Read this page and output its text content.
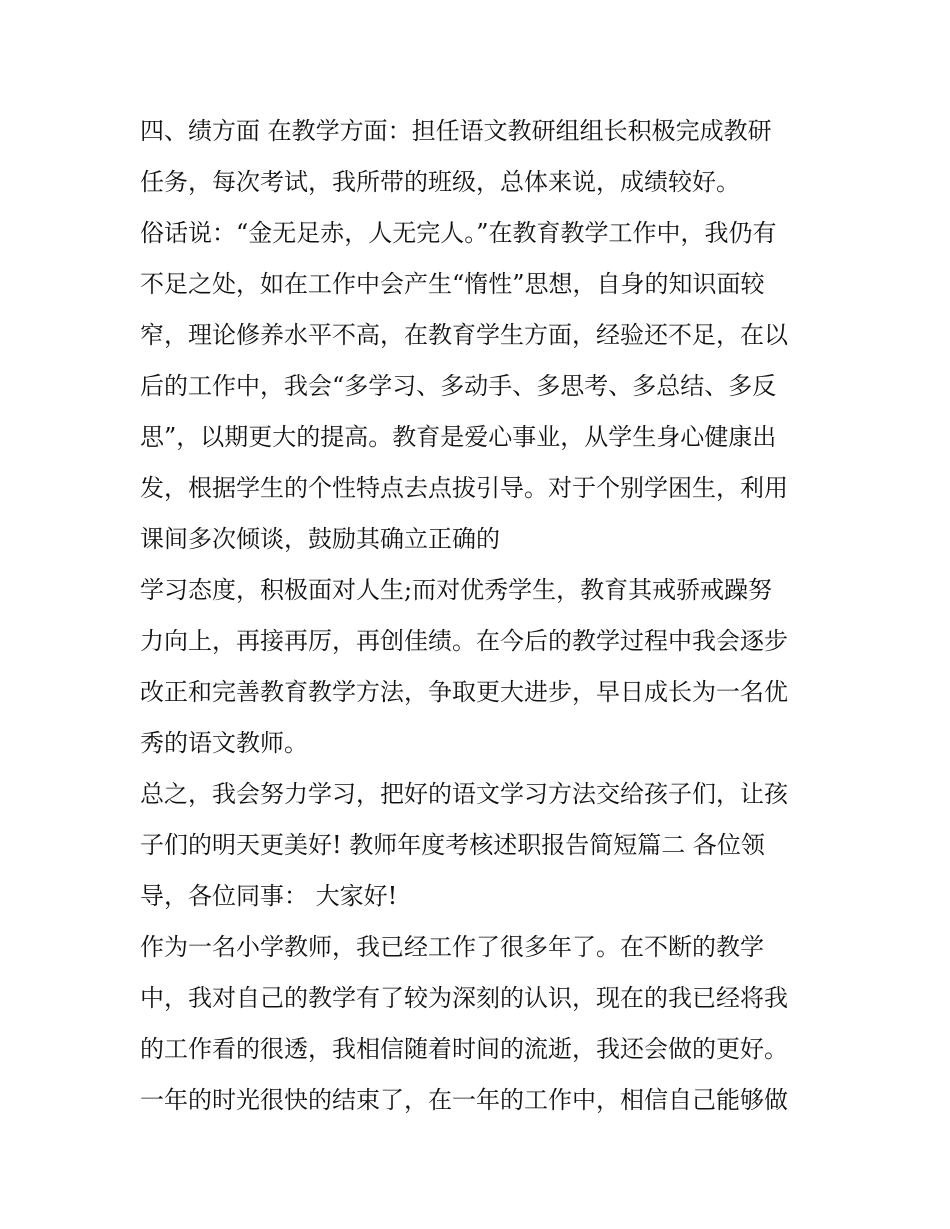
四、绩方面 在教学方面：担任语文教研组组长积极完成教研
任务，每次考试，我所带的班级，总体来说，成绩较好。
俗话说：“金无足赤，人无完人。”在教育教学工作中，我仍有
不足之处，如在工作中会产生“惰性”思想，自身的知识面较
窄，理论修养水平不高，在教育学生方面，经验还不足，在以
后的工作中，我会“多学习、多动手、多思考、多总结、多反
思”，以期更大的提高。教育是爱心事业，从学生身心健康出
发，根据学生的个性特点去点拔引导。对于个别学困生，利用
课间多次倾谈，鼓励其确立正确的
学习态度，积极面对人生;而对优秀学生，教育其戒骄戒躁努
力向上，再接再厉，再创佳绩。在今后的教学过程中我会逐步
改正和完善教育教学方法，争取更大进步，早日成长为一名优
秀的语文教师。
总之，我会努力学习，把好的语文学习方法交给孩子们，让孩
子们的明天更美好! 教师年度考核述职报告简短篇二 各位领
导，各位同事： 大家好!
作为一名小学教师，我已经工作了很多年了。在不断的教学
中，我对自己的教学有了较为深刻的认识，现在的我已经将我
的工作看的很透，我相信随着时间的流逝，我还会做的更好。
一年的时光很快的结束了，在一年的工作中，相信自己能够做
